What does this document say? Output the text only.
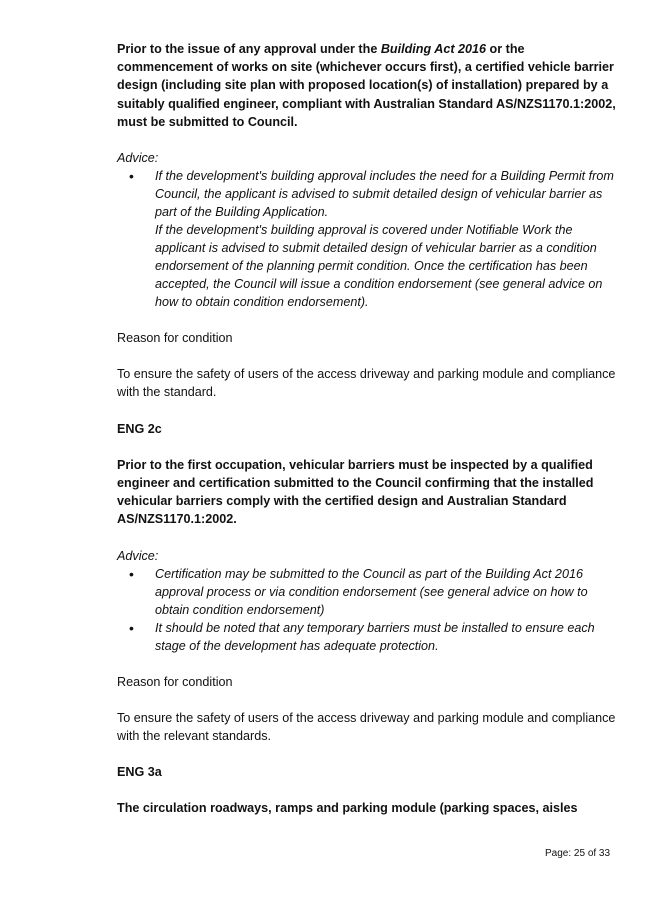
Prior to the issue of any approval under the Building Act 2016 or the commencement of works on site (whichever occurs first), a certified vehicle barrier design (including site plan with proposed location(s) of installation) prepared by a suitably qualified engineer, compliant with Australian Standard AS/NZS1170.1:2002, must be submitted to Council.

Advice:

• If the development's building approval includes the need for a Building Permit from Council, the applicant is advised to submit detailed design of vehicular barrier as part of the Building Application.
If the development's building approval is covered under Notifiable Work the applicant is advised to submit detailed design of vehicular barrier as a condition endorsement of the planning permit condition. Once the certification has been accepted, the Council will issue a condition endorsement (see general advice on how to obtain condition endorsement).

Reason for condition

To ensure the safety of users of the access driveway and parking module and compliance with the standard.

ENG 2c

Prior to the first occupation, vehicular barriers must be inspected by a qualified engineer and certification submitted to the Council confirming that the installed vehicular barriers comply with the certified design and Australian Standard AS/NZS1170.1:2002.

Advice:

• Certification may be submitted to the Council as part of the Building Act 2016 approval process or via condition endorsement (see general advice on how to obtain condition endorsement)
• It should be noted that any temporary barriers must be installed to ensure each stage of the development has adequate protection.

Reason for condition

To ensure the safety of users of the access driveway and parking module and compliance with the relevant standards.

ENG 3a

The circulation roadways, ramps and parking module (parking spaces, aisles

Page: 25 of 33
